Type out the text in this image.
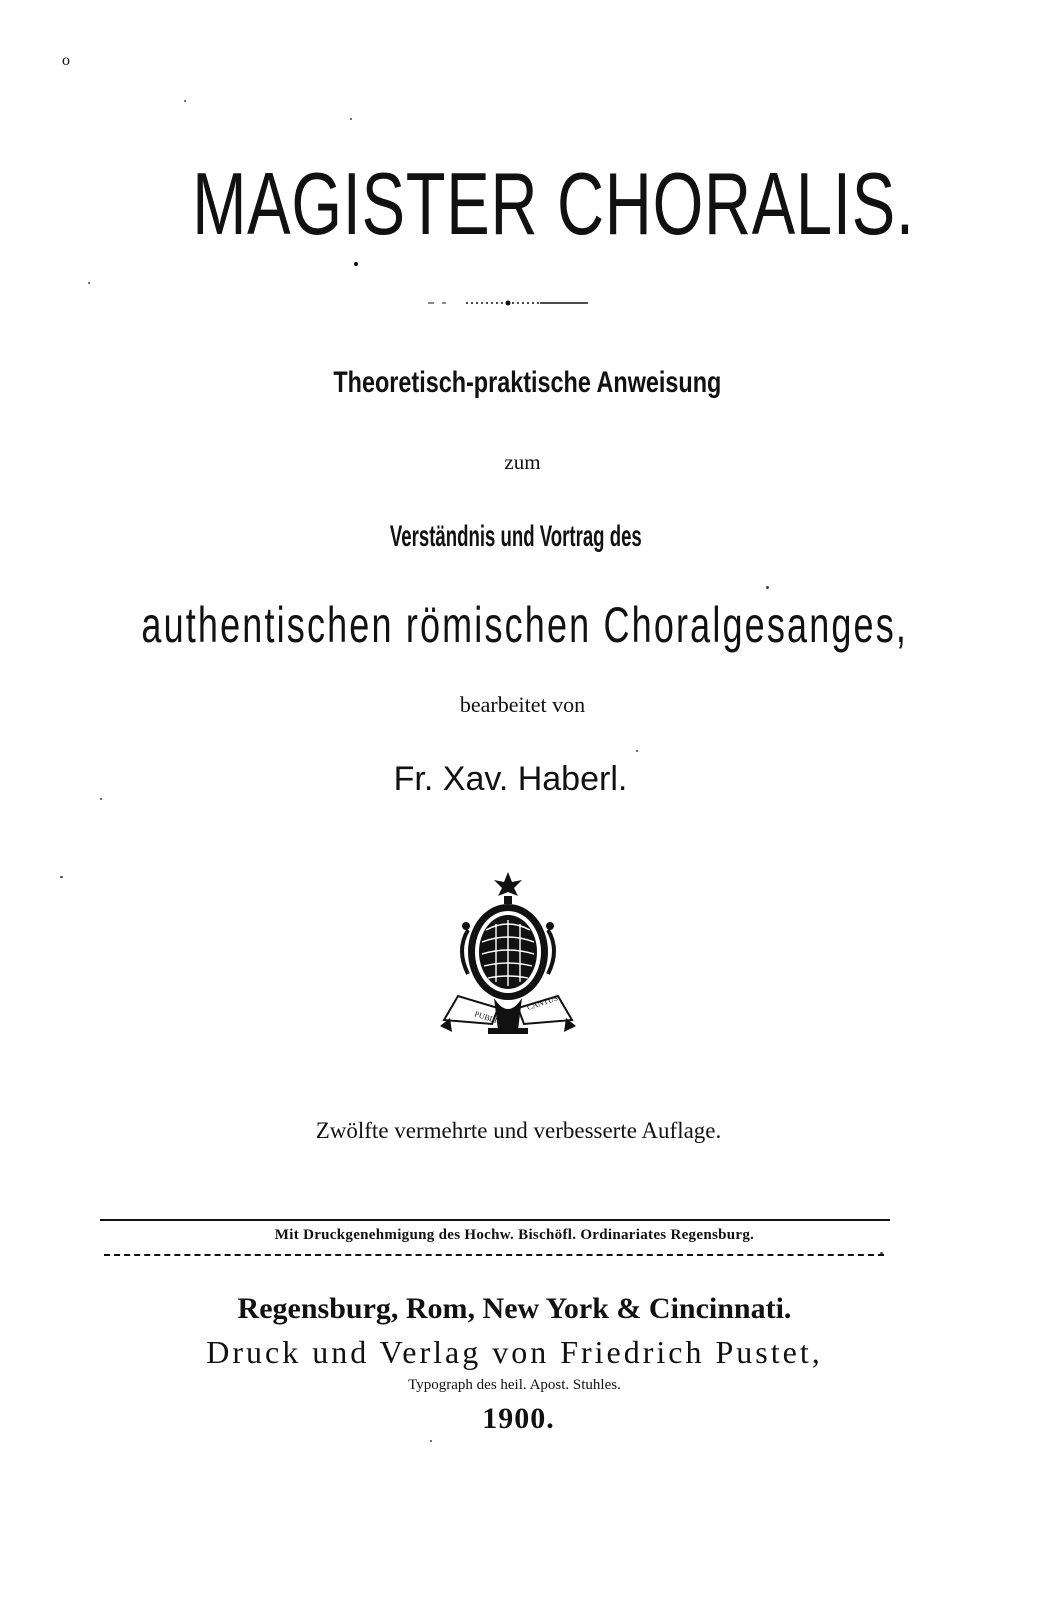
o
MAGISTER CHORALIS.
Theoretisch-praktische Anweisung
zum
Verständnis und Vortrag des
authentischen römischen Choralgesanges,
bearbeitet von
Fr. Xav. Haberl.
PUBLIC
CANTUS
Zwölfte vermehrte und verbesserte Auflage.
Mit Druckgenehmigung des Hochw. Bischöfl. Ordinariates Regensburg.
Regensburg, Rom, New York & Cincinnati.
Druck und Verlag von Friedrich Pustet,
Typograph des heil. Apost. Stuhles.
1900.
